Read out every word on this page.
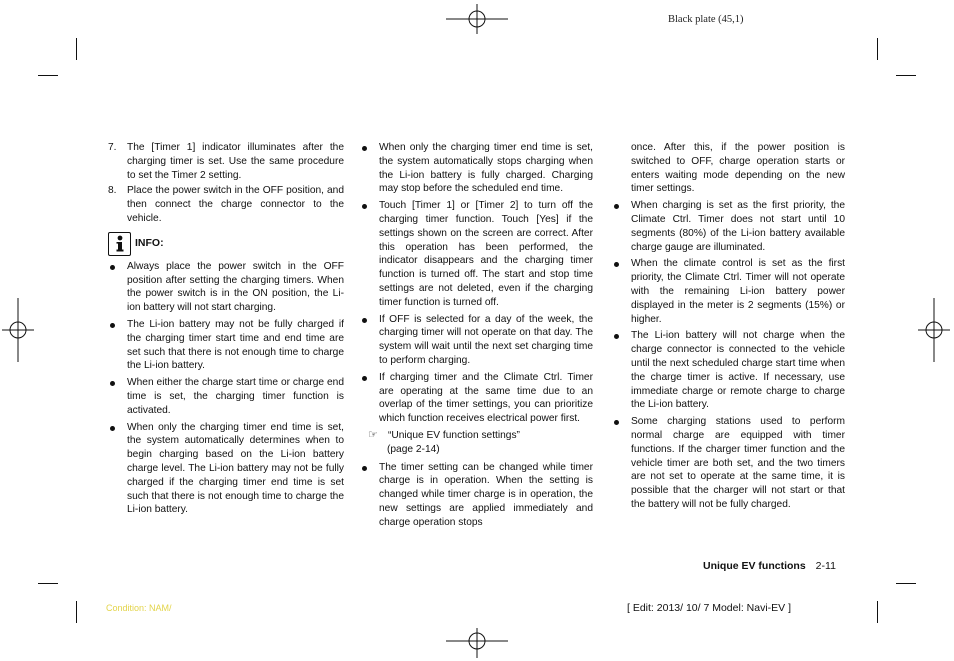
Black plate (45,1)
7. The [Timer 1] indicator illuminates after the charging timer is set. Use the same procedure to set the Timer 2 setting.
8. Place the power switch in the OFF position, and then connect the charge connector to the vehicle.
INFO:
Always place the power switch in the OFF position after setting the charging timers. When the power switch is in the ON position, the Li-ion battery will not start charging.
The Li-ion battery may not be fully charged if the charging timer start time and end time are set such that there is not enough time to charge the Li-ion battery.
When either the charge start time or charge end time is set, the charging timer function is activated.
When only the charging timer end time is set, the system automatically determines when to begin charging based on the Li-ion battery charge level. The Li-ion battery may not be fully charged if the charging timer end time is set such that there is not enough time to charge the Li-ion battery.
When only the charging timer end time is set, the system automatically stops charging when the Li-ion battery is fully charged. Charging may stop before the scheduled end time.
Touch [Timer 1] or [Timer 2] to turn off the charging timer function. Touch [Yes] if the settings shown on the screen are correct. After this operation has been performed, the indicator disappears and the charging timer function is turned off. The start and stop time settings are not deleted, even if the charging timer function is turned off.
If OFF is selected for a day of the week, the charging timer will not operate on that day. The system will wait until the next set charging time to perform charging.
If charging timer and the Climate Ctrl. Timer are operating at the same time due to an overlap of the timer settings, you can prioritize which function receives electrical power first.
☞ “Unique EV function settings”
(page 2-14)
The timer setting can be changed while timer charge is in operation. When the setting is changed while timer charge is in operation, the new settings are applied immediately and charge operation stops

once. After this, if the power position is switched to OFF, charge operation starts or enters waiting mode depending on the new timer settings.

When charging is set as the first priority, the Climate Ctrl. Timer does not start until 10 segments (80%) of the Li-ion battery available charge gauge are illuminated.
When the climate control is set as the first priority, the Climate Ctrl. Timer will not operate with the remaining Li-ion battery power displayed in the meter is 2 segments (15%) or higher.
The Li-ion battery will not charge when the charge connector is connected to the vehicle until the next scheduled charge start time when the charge timer is active. If necessary, use immediate charge or remote charge to charge the Li-ion battery.
Some charging stations used to perform normal charge are equipped with timer functions. If the charger timer function and the vehicle timer are both set, and the two timers are not set to operate at the same time, it is possible that the charger will not start or that the battery will not be fully charged.
Unique EV functions 2-11
Condition: NAM/	[ Edit: 2013/ 10/ 7 Model: Navi-EV ]
